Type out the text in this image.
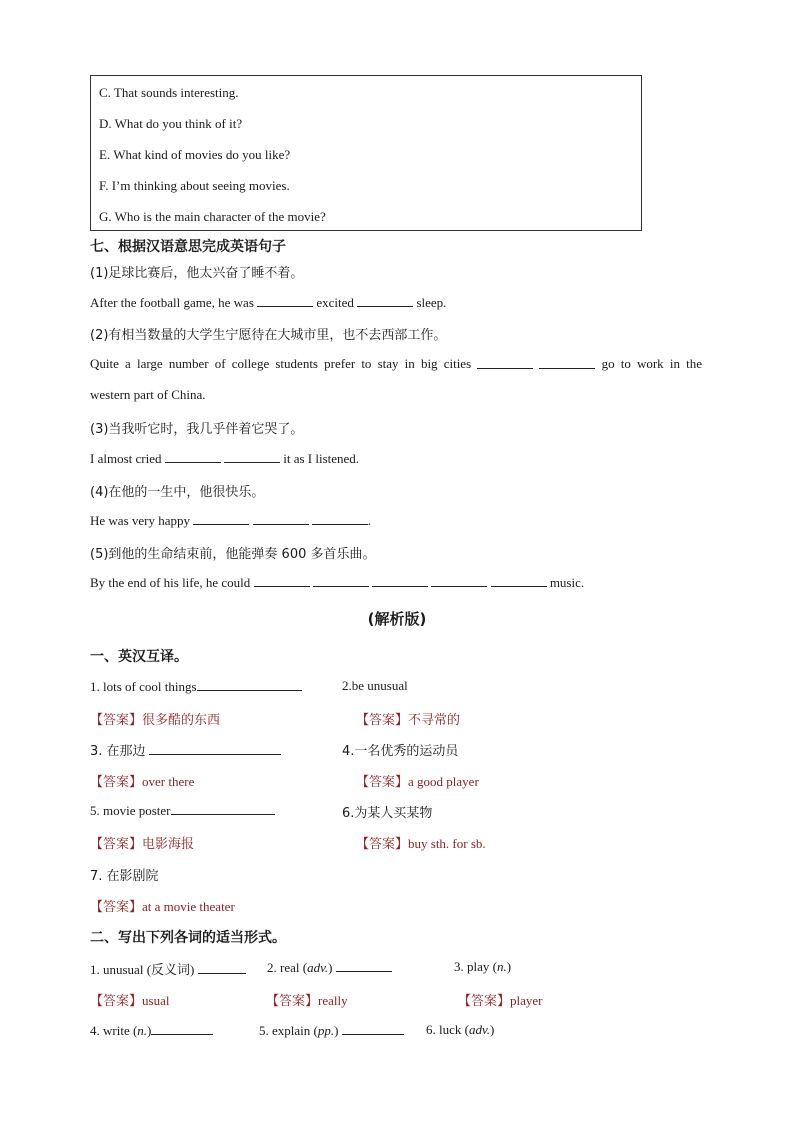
C. That sounds interesting.
D. What do you think of it?
E. What kind of movies do you like?
F. I’m thinking about seeing movies.
G. Who is the main character of the movie?
七、根据汉语意思完成英语句子
(1)足球比赛后，他太兴奋了睡不着。
After the football game, he was	excited	sleep.
(2)有相当数量的大学生宁愿待在大城市里，也不去西部工作。
Quite a large number of college students prefer to stay in big cities	go to work in the
western part of China.
(3)当我听它时，我几乎伴着它哭了。
I almost cried	it as I listened.
(4)在他的一生中，他很快乐。
He was very happy	.
(5)到他的生命结束前，他能弹奏 600 多首乐曲。
By the end of his life, he could	music.
(解析版)
一、英汉互译。
1. lots of cool things	2.be unusual
【答案】很多酷的东西	【答案】不寻常的
3. 在那边	4.一名优秀的运动员
【答案】over there	【答案】a good player
5. movie poster	6.为某人买某物
【答案】电影海报	【答案】buy sth. for sb.
7. 在影剧院
【答案】at a movie theater
二、写出下列各词的适当形式。
1. unusual (反义词)	2. real (adv.)	3. play (n.)
【答案】usual	【答案】really	【答案】player
4. write (n.)	5. explain (pp.)	6. luck (adv.)
